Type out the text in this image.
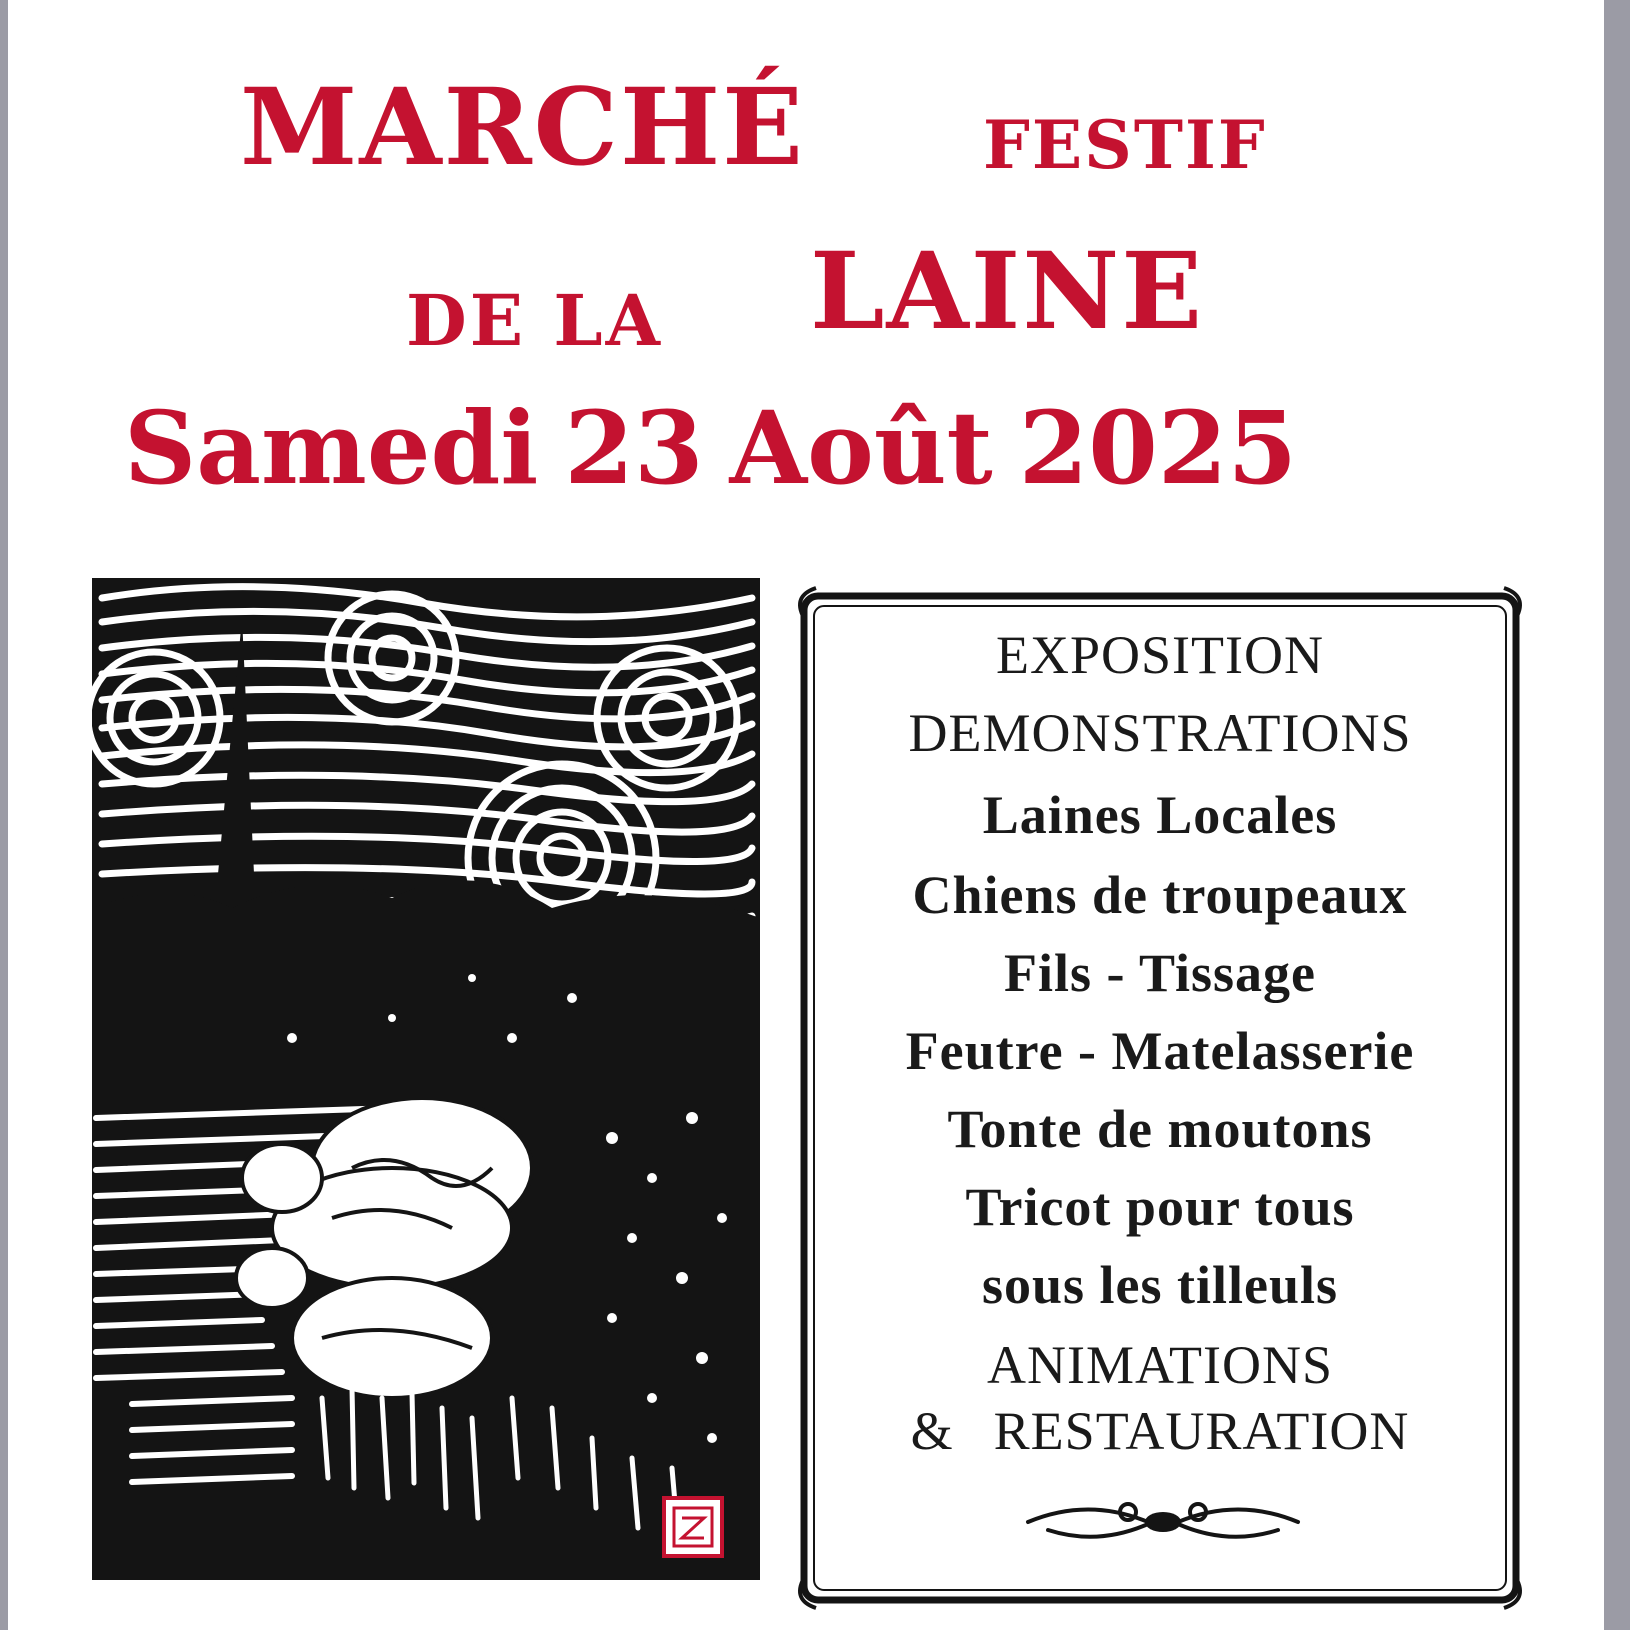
MARCHÉ	FESTIF
DE LA LAINE
Samedi 23 Août 2025
EXPOSITION
DEMONSTRATIONS
Laines Locales
Chiens de troupeaux
Fils - Tissage
Feutre - Matelasserie
Tonte de moutons
Tricot pour tous
sous les tilleuls
ANIMATIONS
& RESTAURATION
